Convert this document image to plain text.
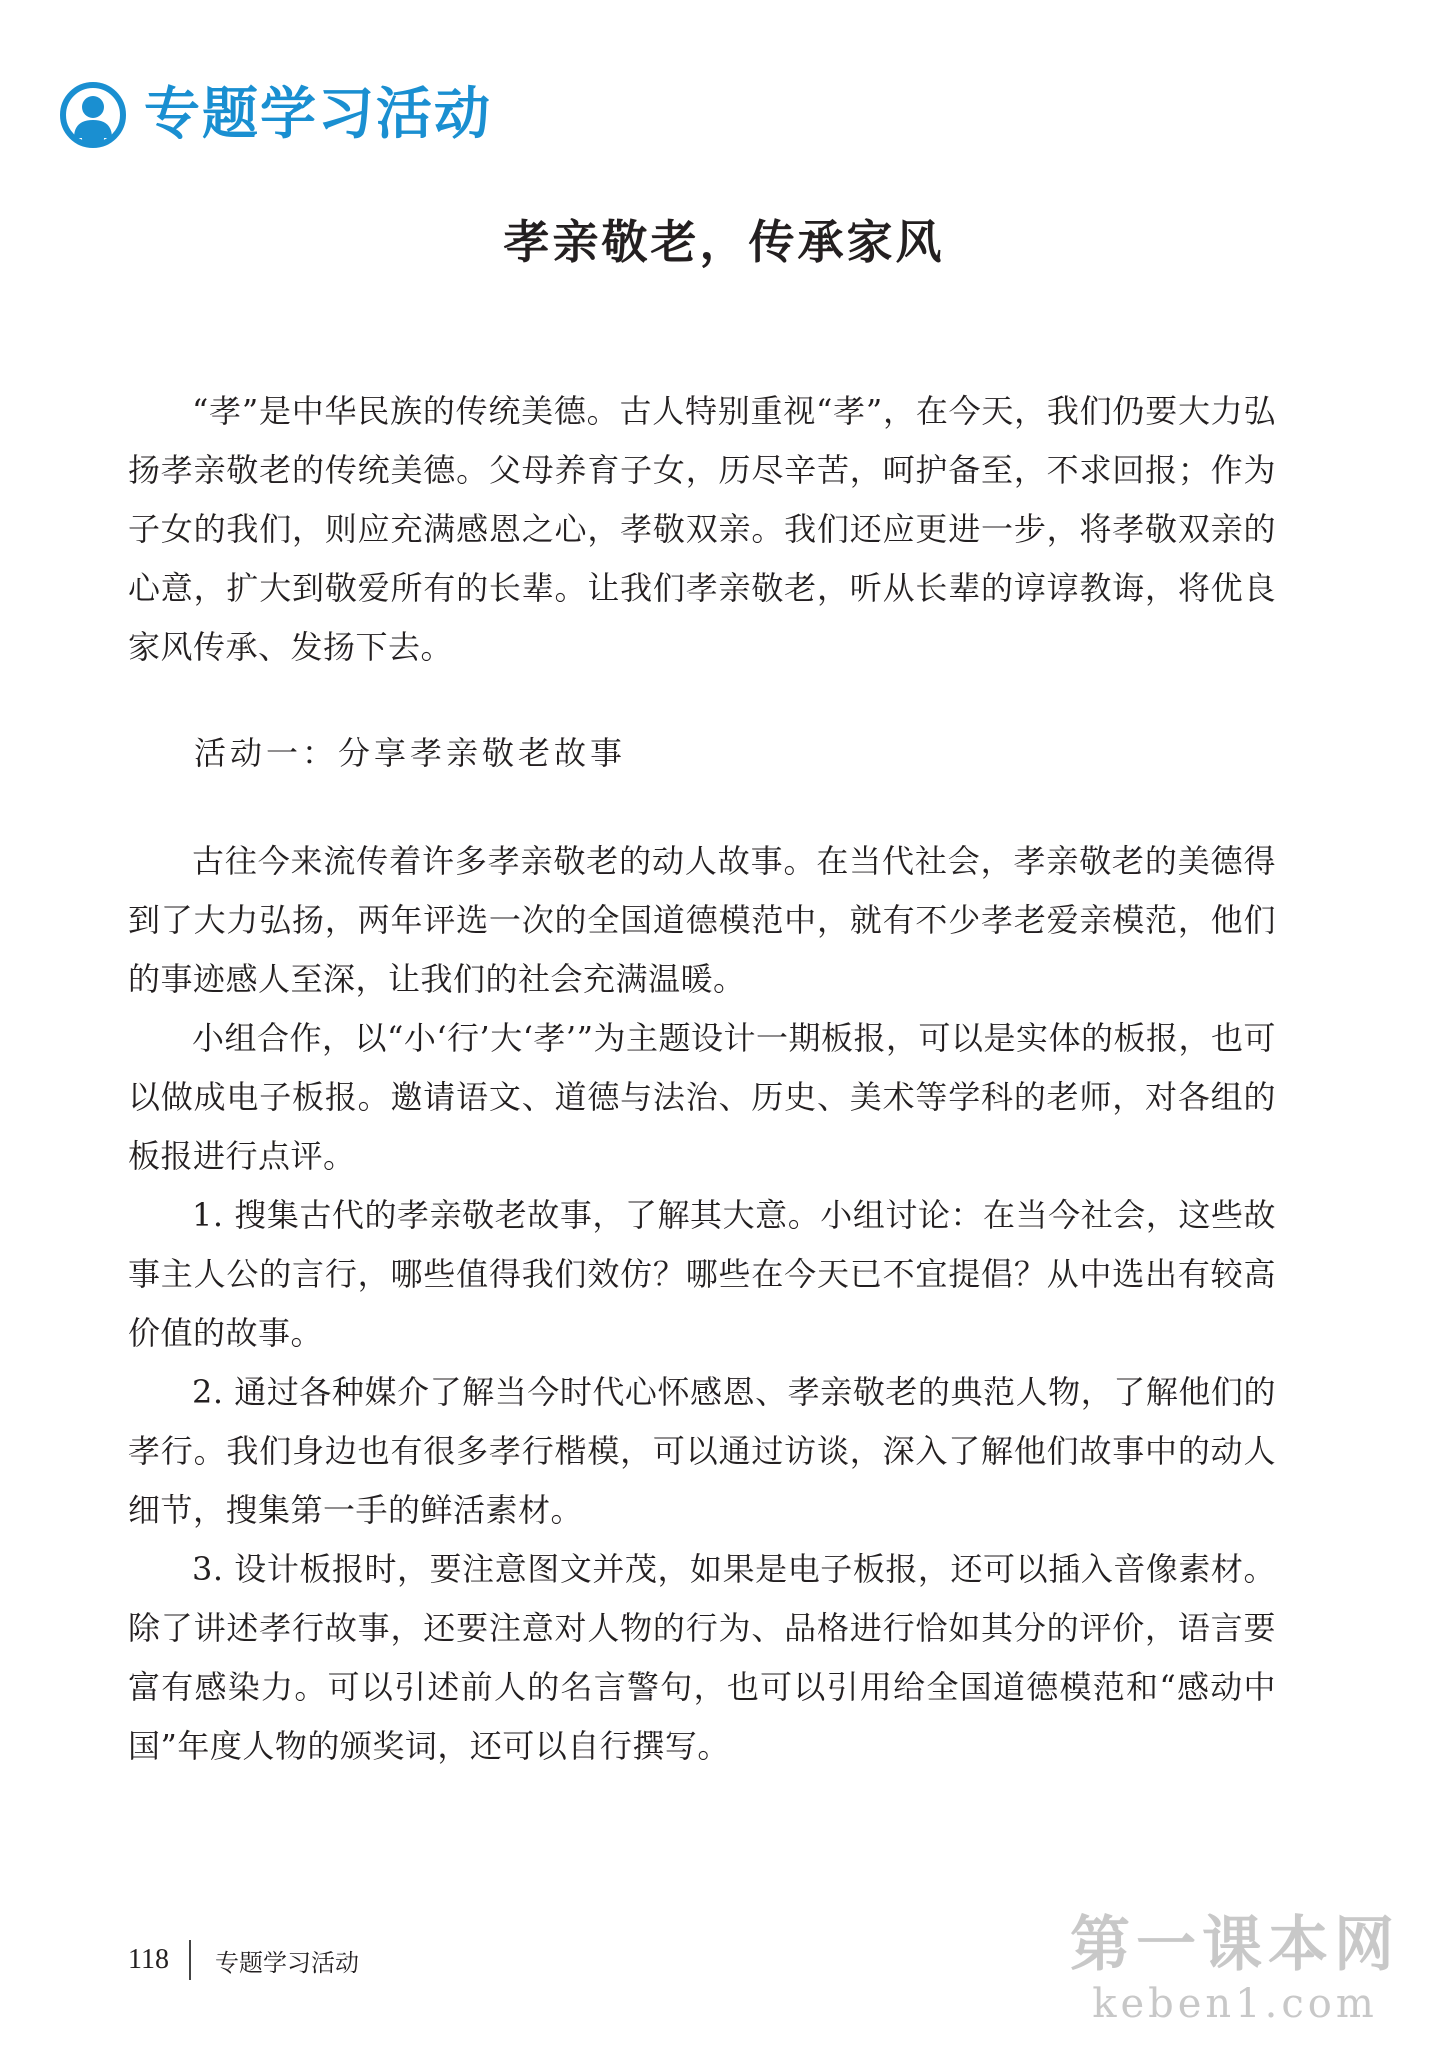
专题学习活动
孝亲敬老，传承家风

“孝”是中华民族的传统美德。古人特别重视“孝”，在今天，我们仍要大力弘扬孝亲敬老的传统美德。父母养育子女，历尽辛苦，呵护备至，不求回报；作为子女的我们，则应充满感恩之心，孝敬双亲。我们还应更进一步，将孝敬双亲的心意，扩大到敬爱所有的长辈。让我们孝亲敬老，听从长辈的谆谆教诲，将优良家风传承、发扬下去。

活动一：分享孝亲敬老故事

古往今来流传着许多孝亲敬老的动人故事。在当代社会，孝亲敬老的美德得到了大力弘扬，两年评选一次的全国道德模范中，就有不少孝老爱亲模范，他们的事迹感人至深，让我们的社会充满温暖。

小组合作，以“小‘行’大‘孝’”为主题设计一期板报，可以是实体的板报，也可以做成电子板报。邀请语文、道德与法治、历史、美术等学科的老师，对各组的板报进行点评。

1. 搜集古代的孝亲敬老故事，了解其大意。小组讨论：在当今社会，这些故事主人公的言行，哪些值得我们效仿？哪些在今天已不宜提倡？从中选出有较高价值的故事。

2. 通过各种媒介了解当今时代心怀感恩、孝亲敬老的典范人物，了解他们的孝行。我们身边也有很多孝行楷模，可以通过访谈，深入了解他们故事中的动人细节，搜集第一手的鲜活素材。

3. 设计板报时，要注意图文并茂，如果是电子板报，还可以插入音像素材。除了讲述孝行故事，还要注意对人物的行为、品格进行恰如其分的评价，语言要富有感染力。可以引述前人的名言警句，也可以引用给全国道德模范和“感动中国”年度人物的颁奖词，还可以自行撰写。

118 专题学习活动	第一课本网
keben1.com
